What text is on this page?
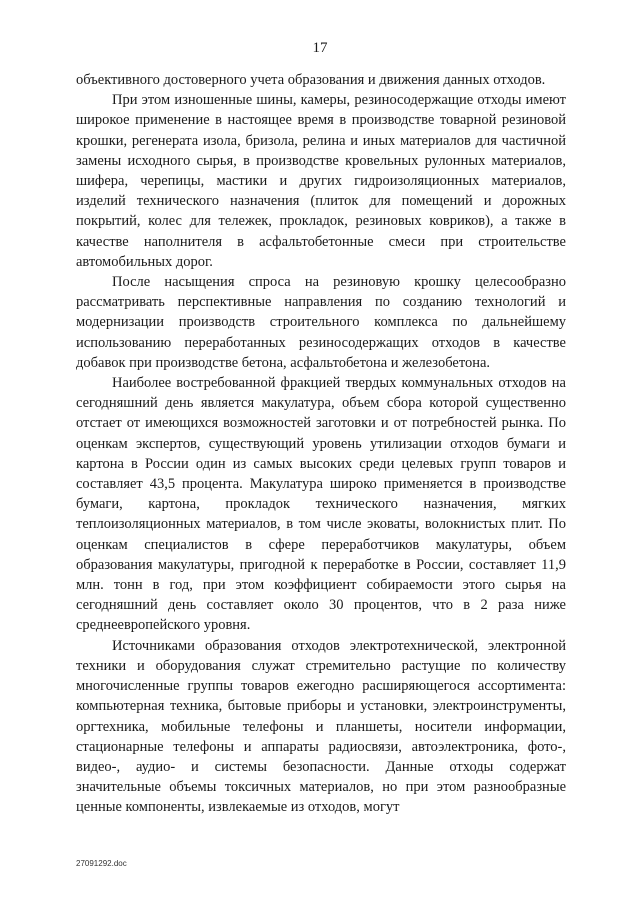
17

объективного достоверного учета образования и движения данных отходов.

При этом изношенные шины, камеры, резиносодержащие отходы имеют широкое применение в настоящее время в производстве товарной резиновой крошки, регенерата изола, бризола, релина и иных материалов для частичной замены исходного сырья, в производстве кровельных рулонных материалов, шифера, черепицы, мастики и других гидроизоляционных материалов, изделий технического назначения (плиток для помещений и дорожных покрытий, колес для тележек, прокладок, резиновых ковриков), а также в качестве наполнителя в асфальтобетонные смеси при строительстве автомобильных дорог.

После насыщения спроса на резиновую крошку целесообразно рассматривать перспективные направления по созданию технологий и модернизации производств строительного комплекса по дальнейшему использованию переработанных резиносодержащих отходов в качестве добавок при производстве бетона, асфальтобетона и железобетона.

Наиболее востребованной фракцией твердых коммунальных отходов на сегодняшний день является макулатура, объем сбора которой существенно отстает от имеющихся возможностей заготовки и от потребностей рынка. По оценкам экспертов, существующий уровень утилизации отходов бумаги и картона в России один из самых высоких среди целевых групп товаров и составляет 43,5 процента. Макулатура широко применяется в производстве бумаги, картона, прокладок технического назначения, мягких теплоизоляционных материалов, в том числе эковаты, волокнистых плит. По оценкам специалистов в сфере переработчиков макулатуры, объем образования макулатуры, пригодной к переработке в России, составляет 11,9 млн. тонн в год, при этом коэффициент собираемости этого сырья на сегодняшний день составляет около 30 процентов, что в 2 раза ниже среднеевропейского уровня.

Источниками образования отходов электротехнической, электронной техники и оборудования служат стремительно растущие по количеству многочисленные группы товаров ежегодно расширяющегося ассортимента: компьютерная техника, бытовые приборы и установки, электроинструменты, оргтехника, мобильные телефоны и планшеты, носители информации, стационарные телефоны и аппараты радиосвязи, автоэлектроника, фото-, видео-, аудио- и системы безопасности. Данные отходы содержат значительные объемы токсичных материалов, но при этом разнообразные ценные компоненты, извлекаемые из отходов, могут

27091292.doc
